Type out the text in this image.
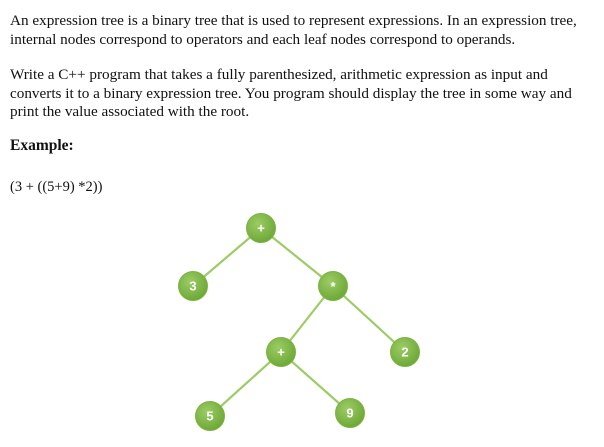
An expression tree is a binary tree that is used to represent expressions. In an expression tree, internal nodes correspond to operators and each leaf nodes correspond to operands.

Write a C++ program that takes a fully parenthesized, arithmetic expression as input and converts it to a binary expression tree. You program should display the tree in some way and print the value associated with the root.

Example:

(3 + ((5+9) *2))

+
3	*
+	2
5	9
